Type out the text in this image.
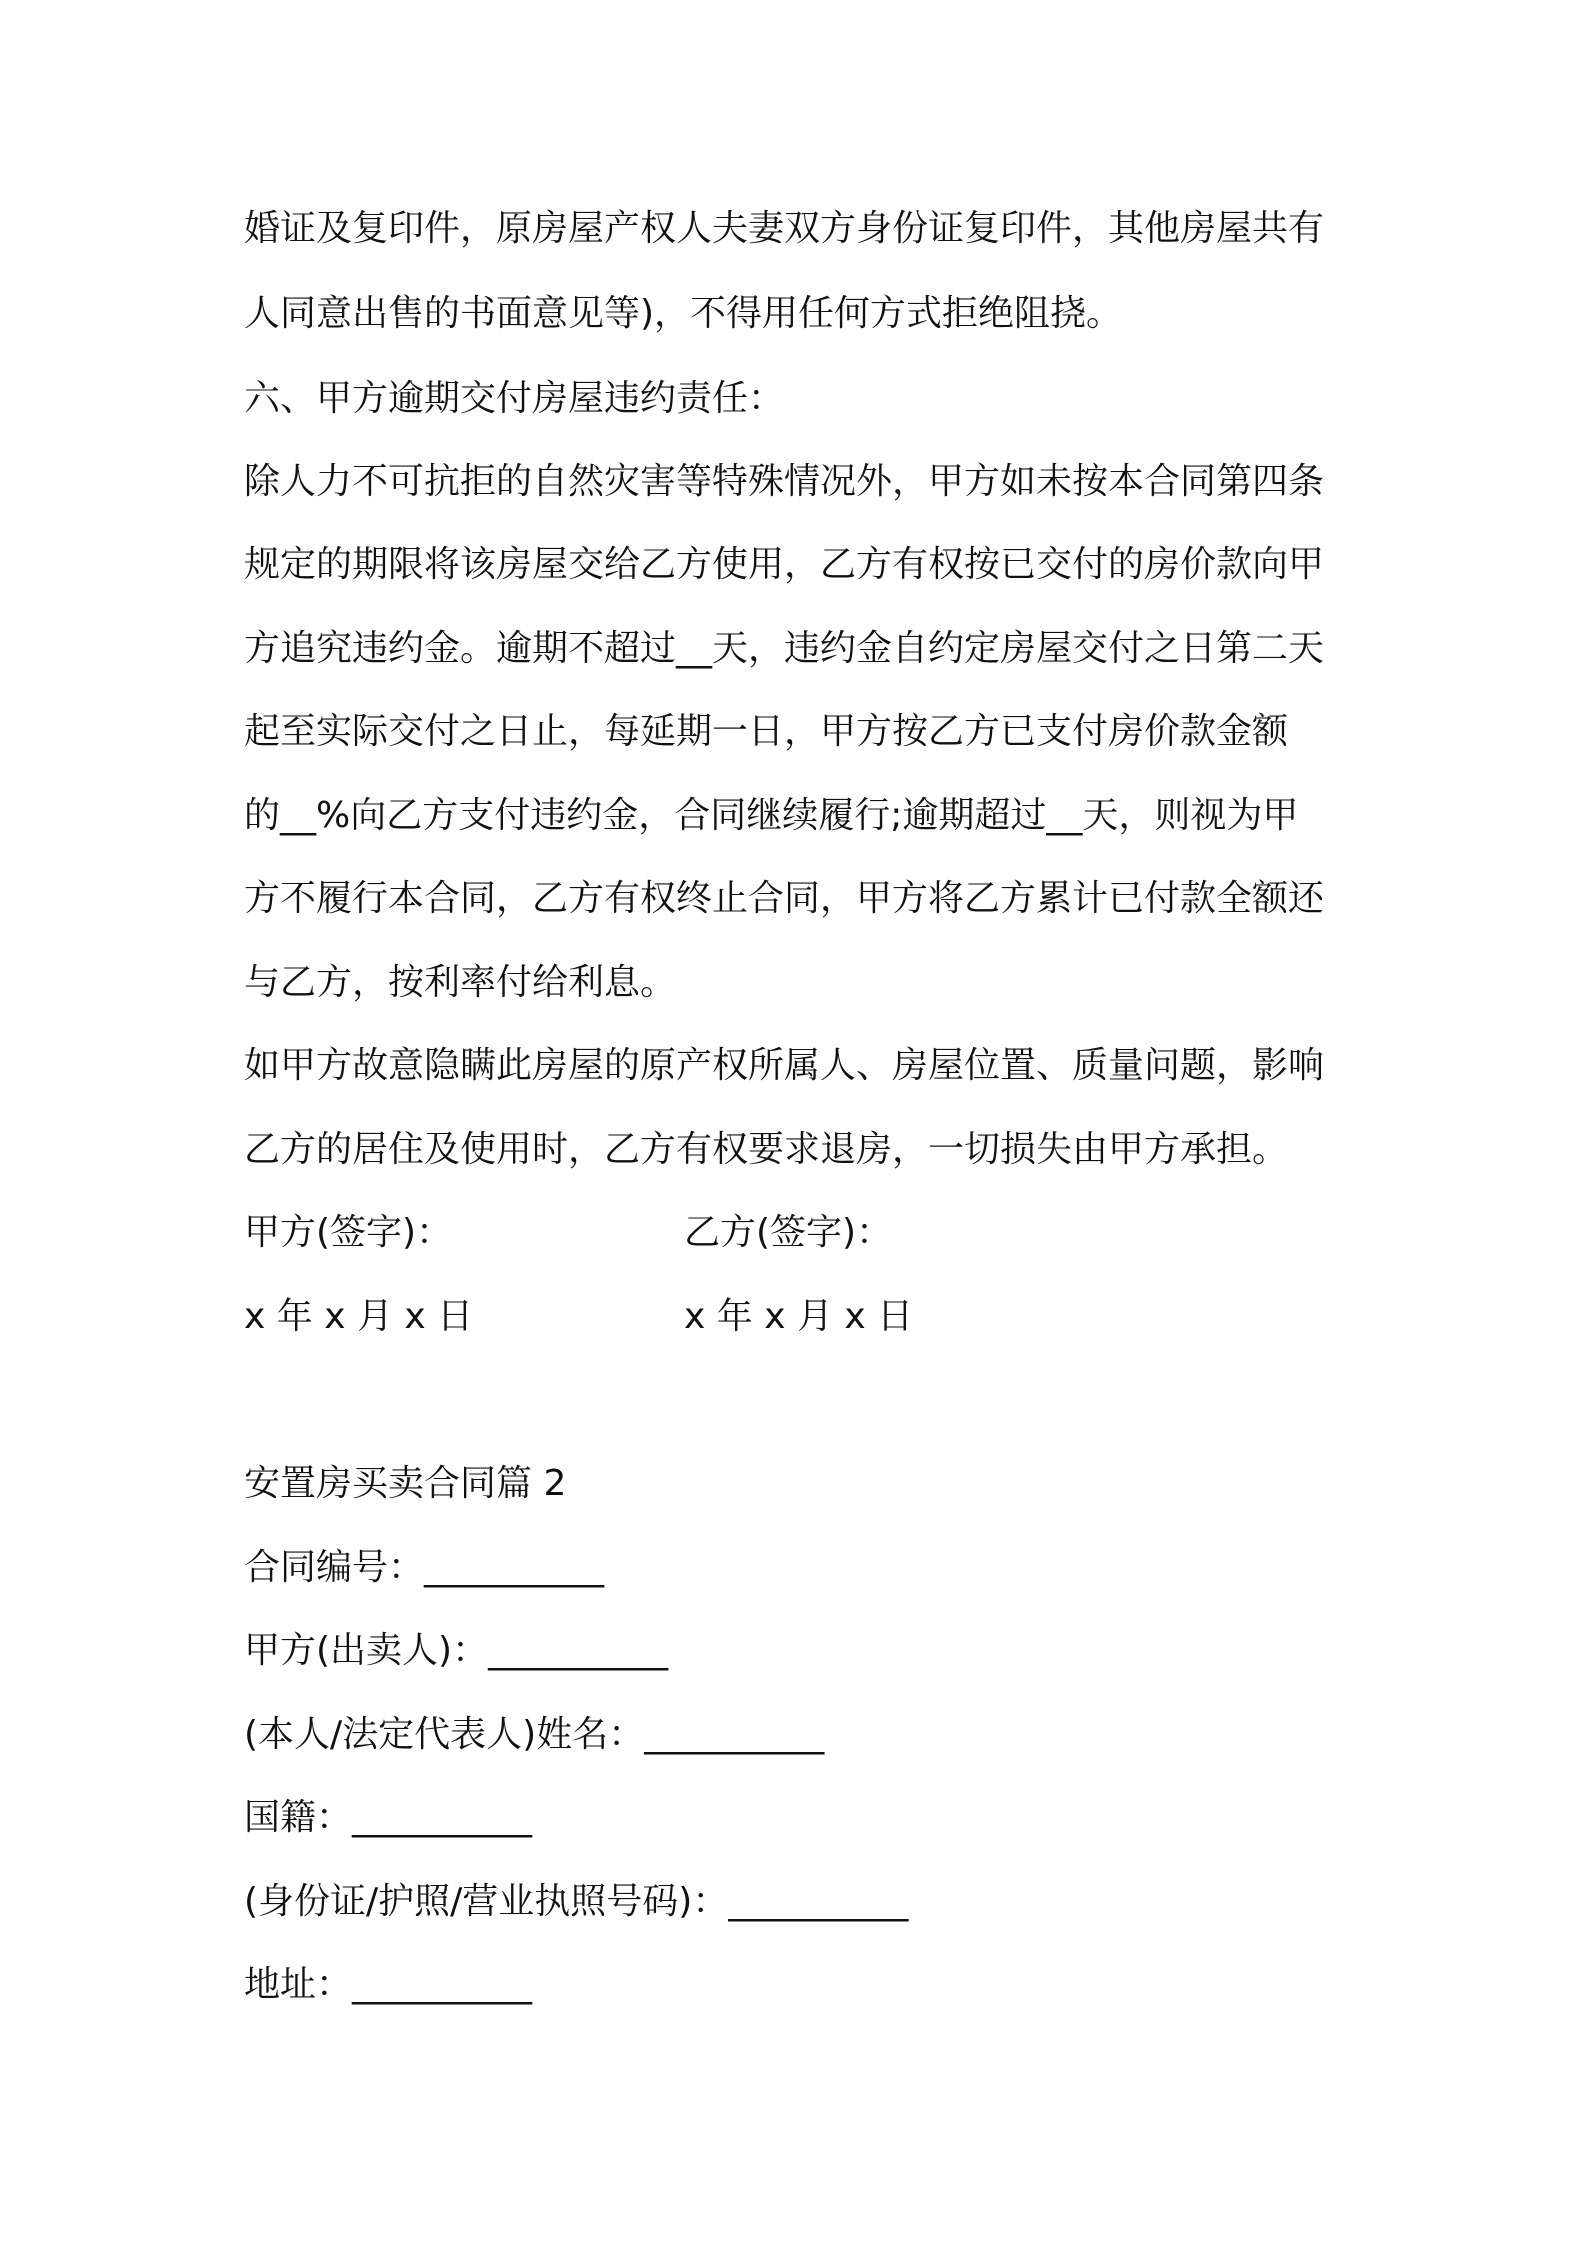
婚证及复印件，原房屋产权人夫妻双方身份证复印件，其他房屋共有
人同意出售的书面意见等)，不得用任何方式拒绝阻挠。
六、甲方逾期交付房屋违约责任：
除人力不可抗拒的自然灾害等特殊情况外，甲方如未按本合同第四条
规定的期限将该房屋交给乙方使用，乙方有权按已交付的房价款向甲
方追究违约金。逾期不超过__天，违约金自约定房屋交付之日第二天
起至实际交付之日止，每延期一日，甲方按乙方已支付房价款金额
的__%向乙方支付违约金，合同继续履行;逾期超过__天，则视为甲
方不履行本合同，乙方有权终止合同，甲方将乙方累计已付款全额还
与乙方，按利率付给利息。
如甲方故意隐瞒此房屋的原产权所属人、房屋位置、质量问题，影响
乙方的居住及使用时，乙方有权要求退房，一切损失由甲方承担。
甲方(签字)：	乙方(签字)：
x 年 x 月 x 日	x 年 x 月 x 日
安置房买卖合同篇 2
合同编号：__________
甲方(出卖人)：__________
(本人/法定代表人)姓名：__________
国籍：__________
(身份证/护照/营业执照号码)：__________
地址：__________
